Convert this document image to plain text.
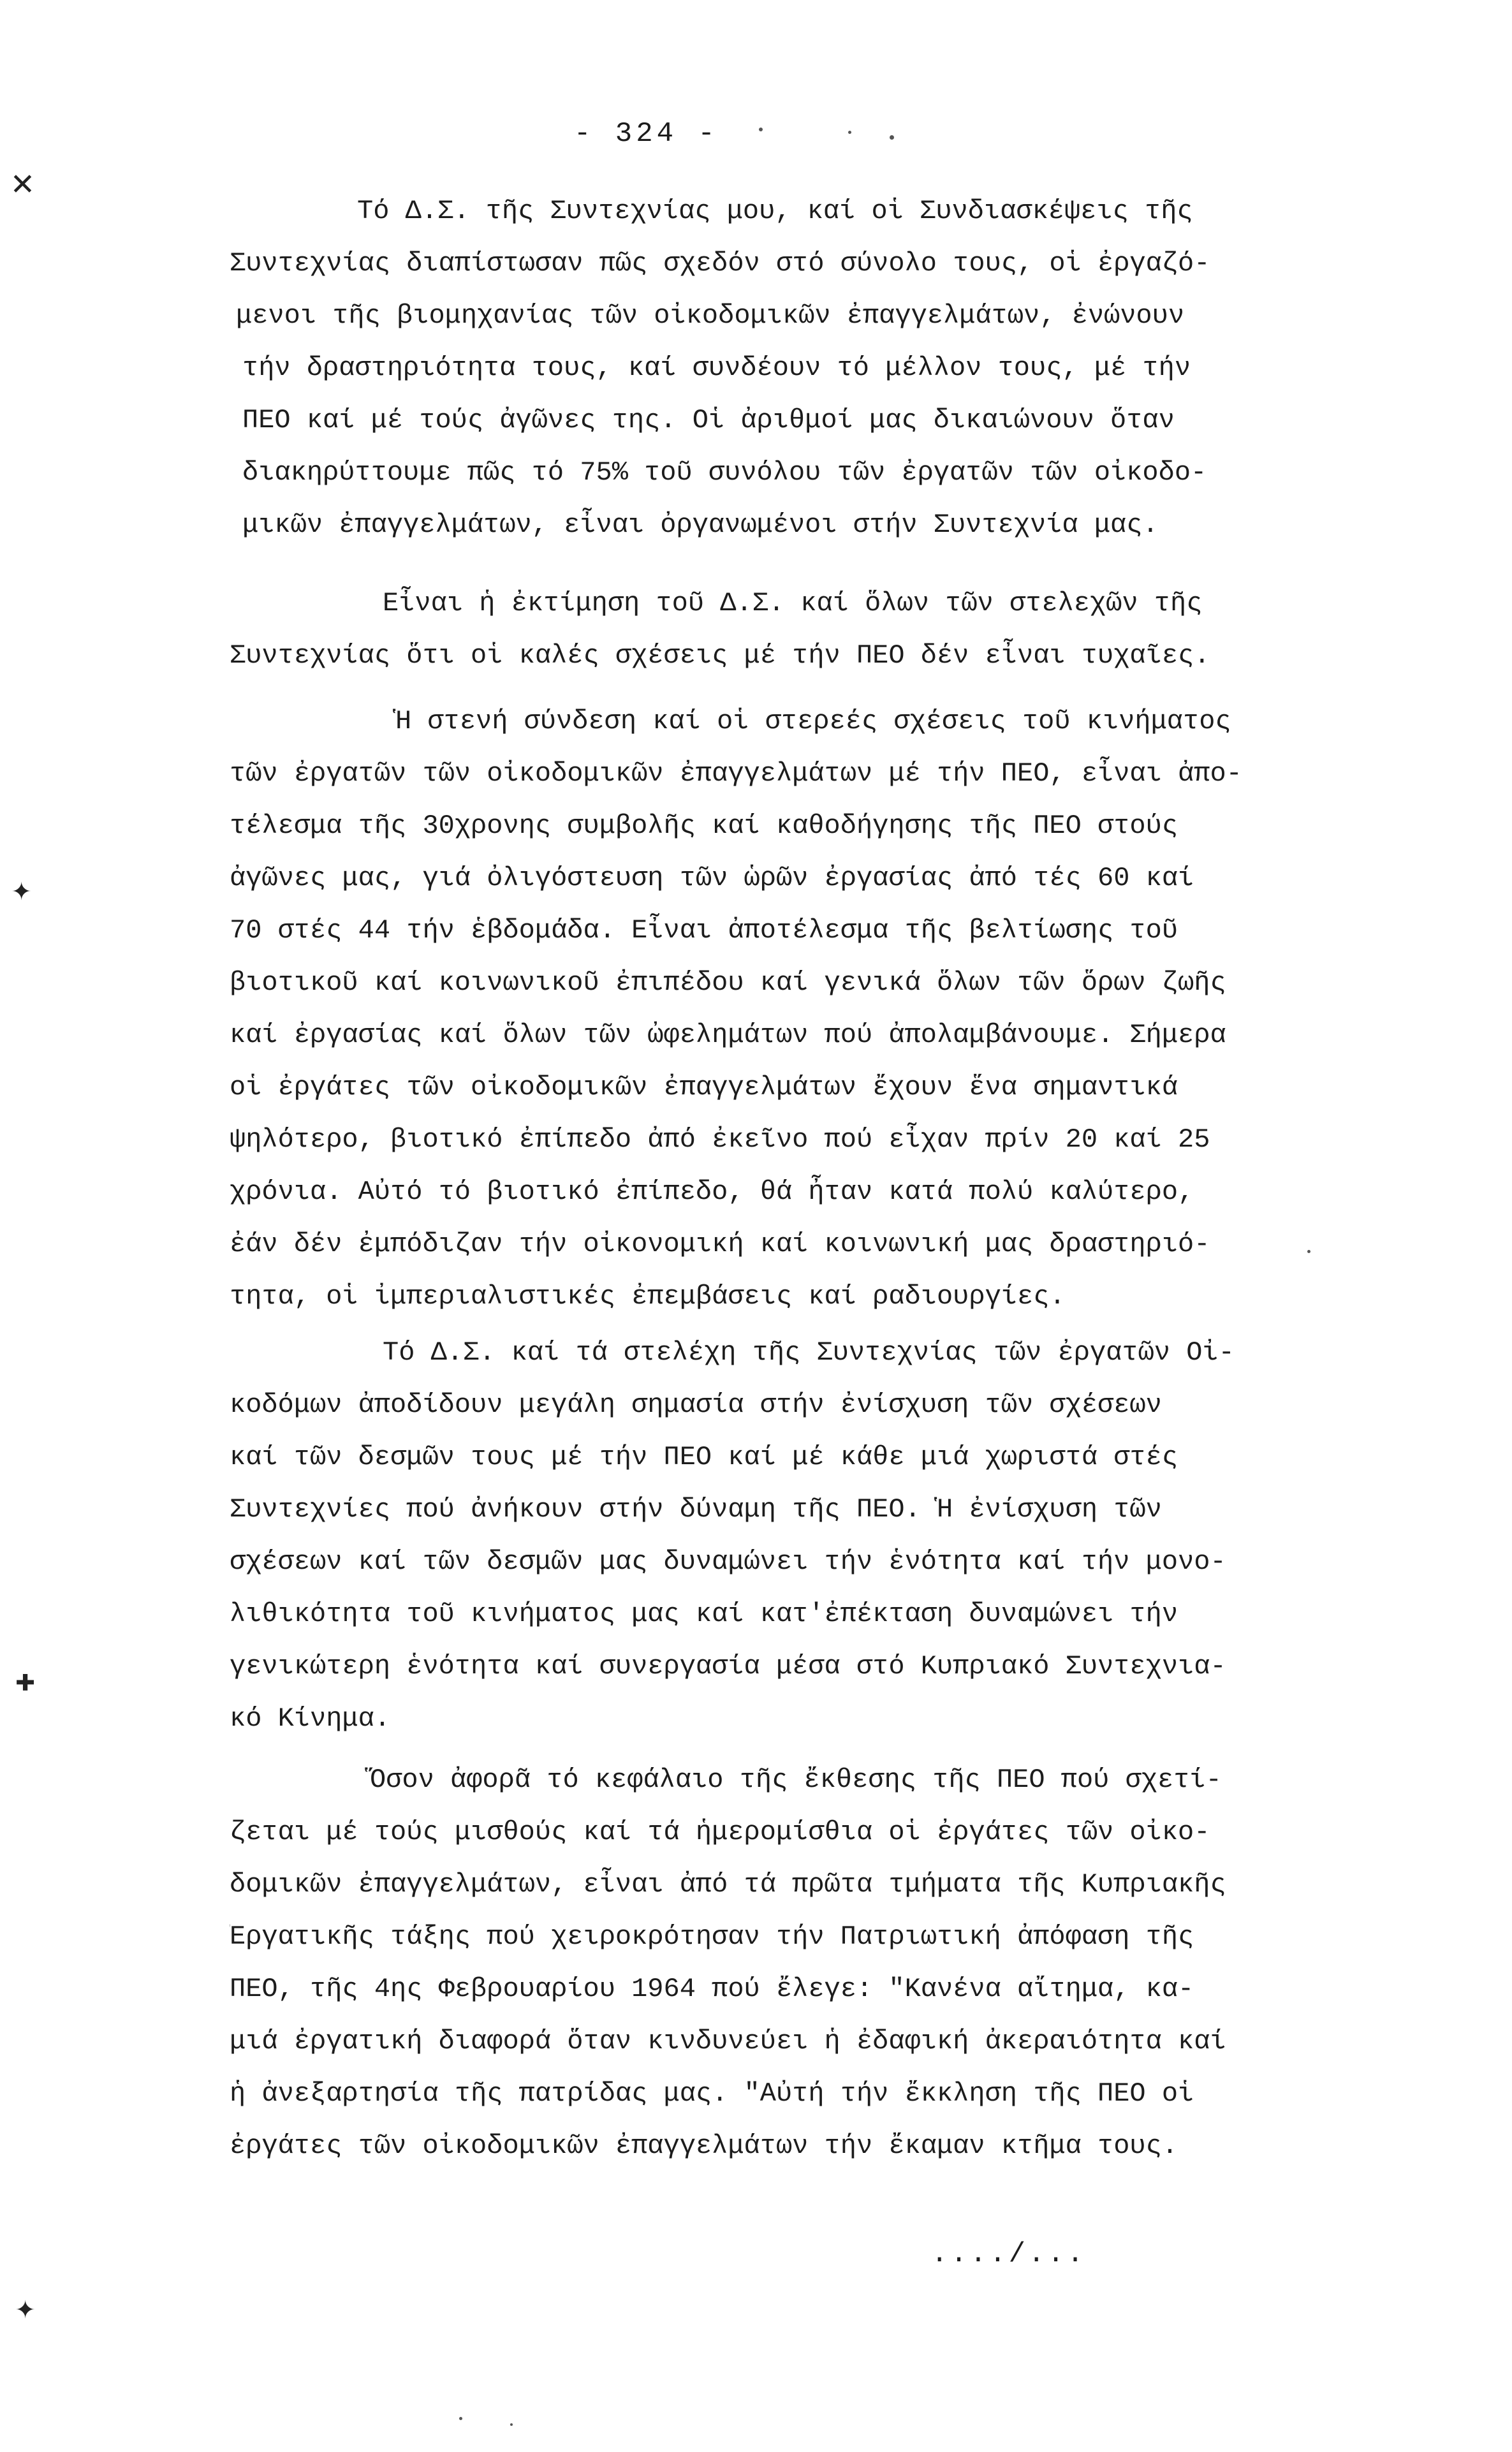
- 324 -
✕
✦
✚
✦
Τό Δ.Σ. τῆς Συντεχνίας μου, καί οἱ Συνδιασκέψεις τῆς
Συντεχνίας διαπίστωσαν πῶς σχεδόν στό σύνολο τους, οἱ ἐργαζό-
μενοι τῆς βιομηχανίας τῶν οἰκοδομικῶν ἐπαγγελμάτων, ἐνώνουν
τήν δραστηριότητα τους, καί συνδέουν τό μέλλον τους, μέ τήν
ΠΕΟ καί μέ τούς ἀγῶνες της. Οἱ ἀριθμοί μας δικαιώνουν ὅταν
διακηρύττουμε πῶς τό 75% τοῦ συνόλου τῶν ἐργατῶν τῶν οἰκοδο-
μικῶν ἐπαγγελμάτων, εἶναι ὀργανωμένοι στήν Συντεχνία μας.
Εἶναι ἡ ἐκτίμηση τοῦ Δ.Σ. καί ὅλων τῶν στελεχῶν τῆς
Συντεχνίας ὅτι οἱ καλές σχέσεις μέ τήν ΠΕΟ δέν εἶναι τυχαῖες.
Ἡ στενή σύνδεση καί οἱ στερεές σχέσεις τοῦ κινήματος
τῶν ἐργατῶν τῶν οἰκοδομικῶν ἐπαγγελμάτων μέ τήν ΠΕΟ, εἶναι ἀπο-
τέλεσμα τῆς 30χρονης συμβολῆς καί καθοδήγησης τῆς ΠΕΟ στούς
ἀγῶνες μας, γιά ὀλιγόστευση τῶν ὡρῶν ἐργασίας ἀπό τές 60 καί
70 στές 44 τήν ἑβδομάδα. Εἶναι ἀποτέλεσμα τῆς βελτίωσης τοῦ
βιοτικοῦ καί κοινωνικοῦ ἐπιπέδου καί γενικά ὅλων τῶν ὅρων ζωῆς
καί ἐργασίας καί ὅλων τῶν ὠφελημάτων πού ἀπολαμβάνουμε. Σήμερα
οἱ ἐργάτες τῶν οἰκοδομικῶν ἐπαγγελμάτων ἔχουν ἕνα σημαντικά
ψηλότερο, βιοτικό ἐπίπεδο ἀπό ἐκεῖνο πού εἶχαν πρίν 20 καί 25
χρόνια. Αὐτό τό βιοτικό ἐπίπεδο, θά ἦταν κατά πολύ καλύτερο,
ἐάν δέν ἐμπόδιζαν τήν οἰκονομική καί κοινωνική μας δραστηριό-
τητα, οἱ ἰμπεριαλιστικές ἐπεμβάσεις καί ραδιουργίες.
Τό Δ.Σ. καί τά στελέχη τῆς Συντεχνίας τῶν ἐργατῶν Οἰ-
κοδόμων ἀποδίδουν μεγάλη σημασία στήν ἐνίσχυση τῶν σχέσεων
καί τῶν δεσμῶν τους μέ τήν ΠΕΟ καί μέ κάθε μιά χωριστά στές
Συντεχνίες πού ἀνήκουν στήν δύναμη τῆς ΠΕΟ. Ἡ ἐνίσχυση τῶν
σχέσεων καί τῶν δεσμῶν μας δυναμώνει τήν ἑνότητα καί τήν μονο-
λιθικότητα τοῦ κινήματος μας καί κατ'ἐπέκταση δυναμώνει τήν
γενικώτερη ἑνότητα καί συνεργασία μέσα στό Κυπριακό Συντεχνια-
κό Κίνημα.
Ὅσον ἀφορᾶ τό κεφάλαιο τῆς ἔκθεσης τῆς ΠΕΟ πού σχετί-
ζεται μέ τούς μισθούς καί τά ἡμερομίσθια οἱ ἐργάτες τῶν οἰκο-
δομικῶν ἐπαγγελμάτων, εἶναι ἀπό τά πρῶτα τμήματα τῆς Κυπριακῆς
Ἐργατικῆς τάξης πού χειροκρότησαν τήν Πατριωτική ἀπόφαση τῆς
ΠΕΟ, τῆς 4ης Φεβρουαρίου 1964 πού ἔλεγε: "Κανένα αἴτημα, κα-
μιά ἐργατική διαφορά ὅταν κινδυνεύει ἡ ἐδαφική ἀκεραιότητα καί
ἡ ἀνεξαρτησία τῆς πατρίδας μας. "Αὐτή τήν ἔκκληση τῆς ΠΕΟ οἱ
ἐργάτες τῶν οἰκοδομικῶν ἐπαγγελμάτων τήν ἔκαμαν κτῆμα τους.
..../...
